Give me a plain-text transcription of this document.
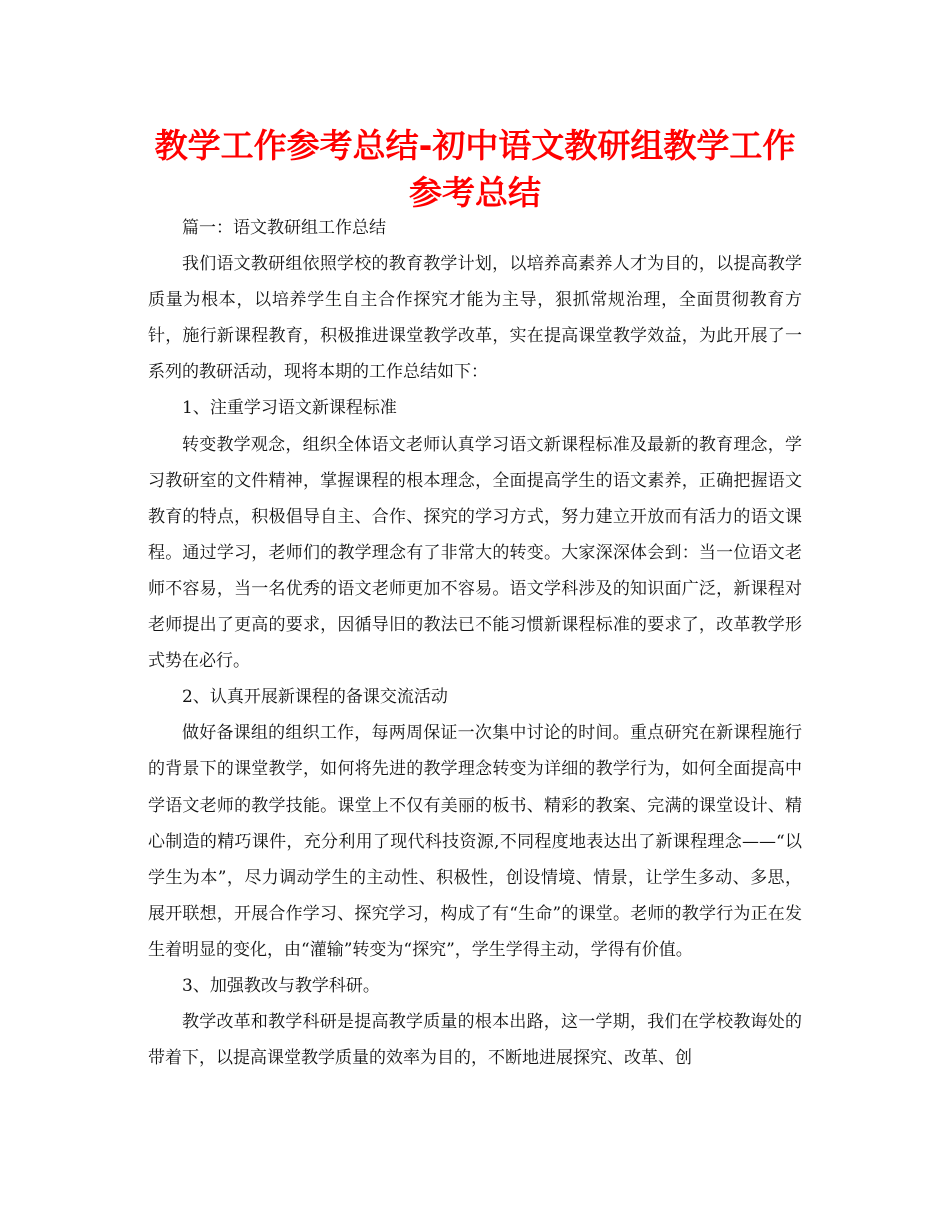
教学工作参考总结-初中语文教研组教学工作参考总结

篇一：语文教研组工作总结

我们语文教研组依照学校的教育教学计划，以培养高素养人才为目的，以提高教学质量为根本，以培养学生自主合作探究才能为主导，狠抓常规治理，全面贯彻教育方针，施行新课程教育，积极推进课堂教学改革，实在提高课堂教学效益，为此开展了一系列的教研活动，现将本期的工作总结如下：

1、注重学习语文新课程标准

转变教学观念，组织全体语文老师认真学习语文新课程标准及最新的教育理念，学习教研室的文件精神，掌握课程的根本理念，全面提高学生的语文素养，正确把握语文教育的特点，积极倡导自主、合作、探究的学习方式，努力建立开放而有活力的语文课程。通过学习，老师们的教学理念有了非常大的转变。大家深深体会到：当一位语文老师不容易，当一名优秀的语文老师更加不容易。语文学科涉及的知识面广泛，新课程对老师提出了更高的要求，因循导旧的教法已不能习惯新课程标准的要求了，改革教学形式势在必行。

2、认真开展新课程的备课交流活动

做好备课组的组织工作，每两周保证一次集中讨论的时间。重点研究在新课程施行的背景下的课堂教学，如何将先进的教学理念转变为详细的教学行为，如何全面提高中学语文老师的教学技能。课堂上不仅有美丽的板书、精彩的教案、完满的课堂设计、精心制造的精巧课件，充分利用了现代科技资源,不同程度地表达出了新课程理念——“以学生为本”，尽力调动学生的主动性、积极性，创设情境、情景，让学生多动、多思，展开联想，开展合作学习、探究学习，构成了有“生命”的课堂。老师的教学行为正在发生着明显的变化，由“灌输”转变为“探究”，学生学得主动，学得有价值。

3、加强教改与教学科研。

教学改革和教学科研是提高教学质量的根本出路，这一学期，我们在学校教诲处的带着下，以提高课堂教学质量的效率为目的，不断地进展探究、改革、创
